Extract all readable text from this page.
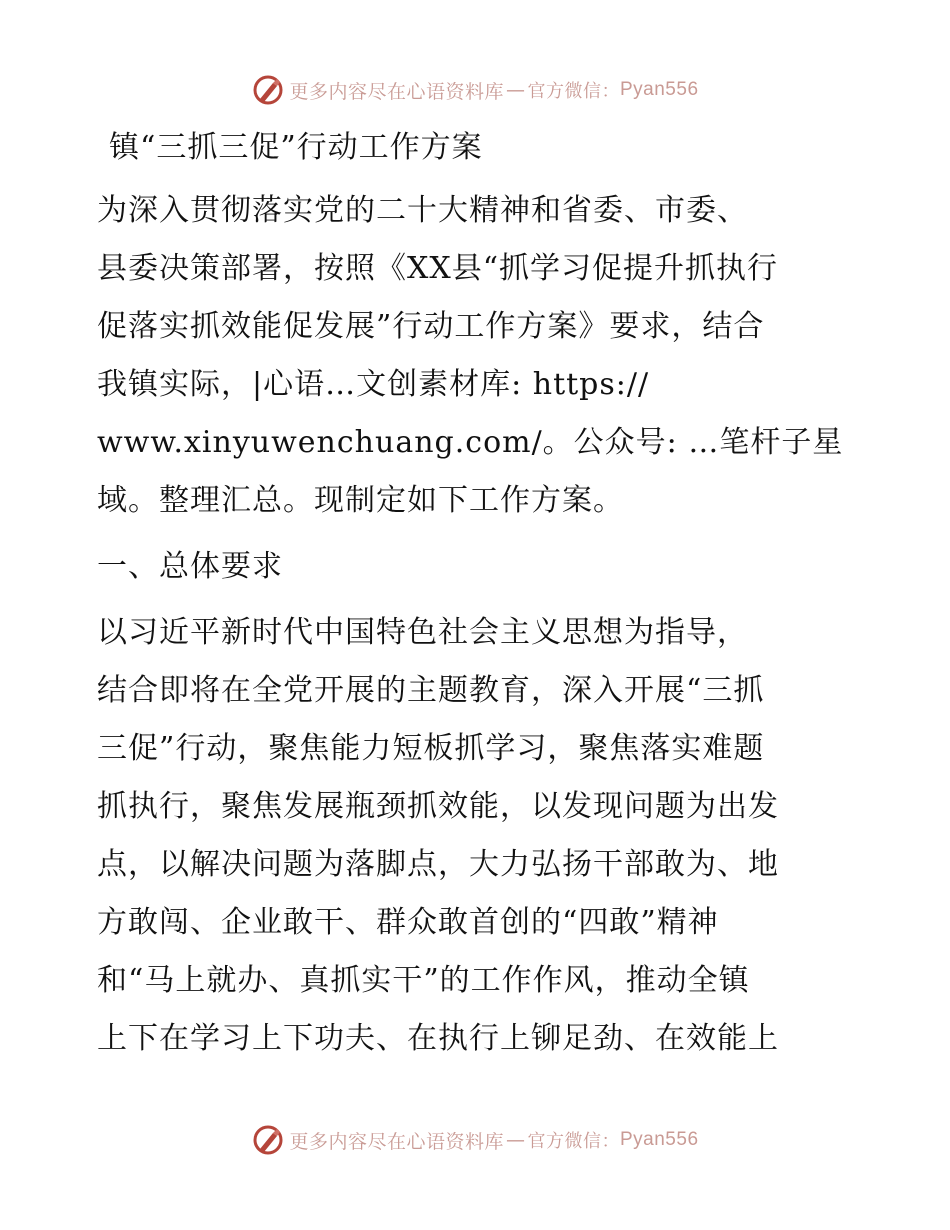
更多内容尽在心语资料库 — 官方微信： Pyan556
镇“三抓三促”行动工作方案
为深入贯彻落实党的二十大精神和省委、市委、
县委决策部署，按照《XX县“抓学习促提升抓执行
促落实抓效能促发展”行动工作方案》要求，结合
我镇实际，|心语…文创素材库: https://
www.xinyuwenchuang.com/。公众号: …笔杆子星
域。整理汇总。现制定如下工作方案。
一、总体要求
以习近平新时代中国特色社会主义思想为指导，
结合即将在全党开展的主题教育，深入开展“三抓
三促”行动，聚焦能力短板抓学习，聚焦落实难题
抓执行，聚焦发展瓶颈抓效能，以发现问题为出发
点，以解决问题为落脚点，大力弘扬干部敢为、地
方敢闯、企业敢干、群众敢首创的“四敢”精神
和“马上就办、真抓实干”的工作作风，推动全镇
上下在学习上下功夫、在执行上铆足劲、在效能上
更多内容尽在心语资料库 — 官方微信： Pyan556
